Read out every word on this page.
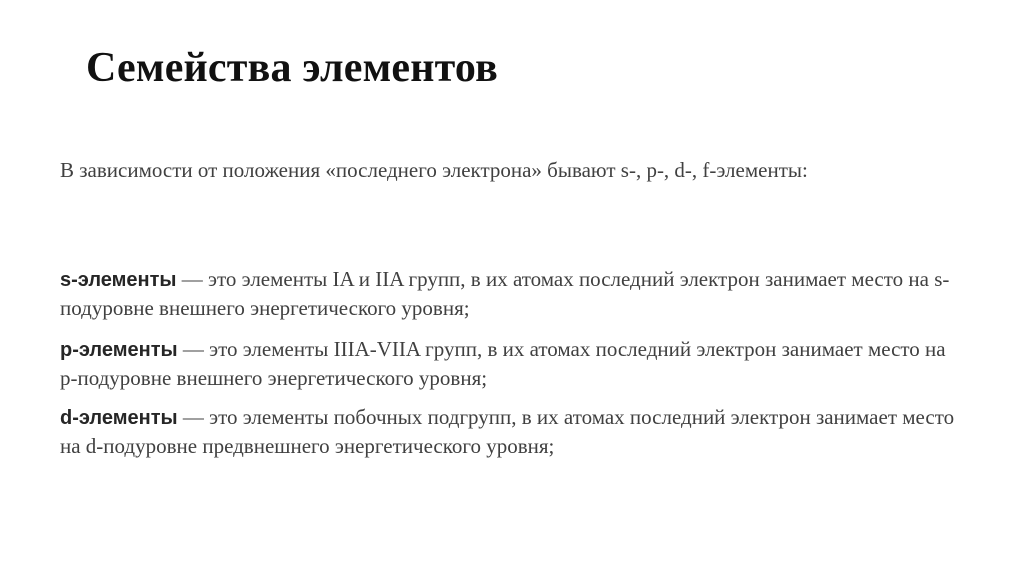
Семейства элементов

В зависимости от положения «последнего электрона» бывают s-, p-, d-, f-элементы:

s-элементы — это элементы IA и IIA групп, в их атомах последний электрон занимает место на s-подуровне внешнего энергетического уровня;

p-элементы — это элементы IIIA-VIIA групп, в их атомах последний электрон занимает место на p-подуровне внешнего энергетического уровня;

d-элементы — это элементы побочных подгрупп, в их атомах последний электрон занимает место на d-подуровне предвнешнего энергетического уровня;
